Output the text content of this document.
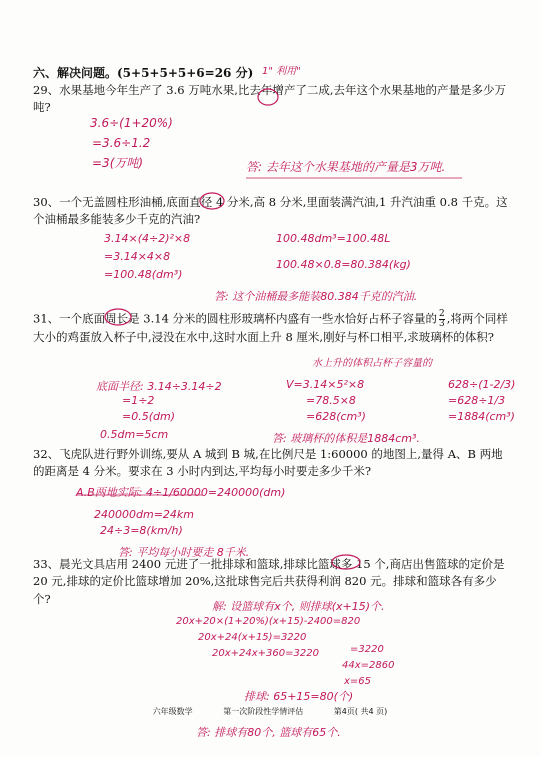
六、解决问题。(5+5+5+5+6=26 分) 1" 利用"
29、水果基地今年生产了 3.6 万吨水果,比去年增产了二成,去年这个水果基地的产量是多少万吨?
3.6÷(1+20%)
=3.6÷1.2
=3(万吨)	答: 去年这个水果基地的产量是3万吨.
30、一个无盖圆柱形油桶,底面直径 4 分米,高 8 分米,里面装满汽油,1 升汽油重 0.8 千克。这个油桶最多能装多少千克的汽油?
3.14×(4÷2)²×8
=3.14×4×8
=100.48(dm³)
100.48dm³=100.48L
100.48×0.8=80.384(kg)
答: 这个油桶最多能装80.384千克的汽油.
31、一个底面周长是 3.14 分米的圆柱形玻璃杯内盛有一些水恰好占杯子容量的 $\frac{2}{3}$ ,将两个同样大小的鸡蛋放入杯子中,浸没在水中,这时水面上升 8 厘米,刚好与杯口相平,求玻璃杯的体积?
水上升的体积占杯子容量的
底面半径: 3.14÷3.14÷2
=1÷2
=0.5(dm)
0.5dm=5cm
V=3.14×5²×8
=78.5×8
=628(cm³)
628÷(1-2/3)
=628÷1/3
=1884(cm³)
答: 玻璃杯的体积是1884cm³.
32、飞虎队进行野外训练,要从 A 城到 B 城,在比例尺是 1:60000 的地图上,量得 A、B 两地的距离是 4 分米。要求在 3 小时内到达,平均每小时要走多少千米?
A.B两地实际: 4÷1/60000=240000(dm)
240000dm=24km
24÷3=8(km/h)
答: 平均每小时要走 8千米.
33、晨光文具店用 2400 元进了一批排球和篮球,排球比篮球多 15 个,商店出售篮球的定价是 20 元,排球的定价比篮球增加 20%,这批球售完后共获得利润 820 元。排球和篮球各有多少个?
解: 设篮球有x个, 则排球(x+15)个.
20x+20×(1+20%)(x+15)-2400=820
20x+24(x+15)=3220
20x+24x+360=3220	=3220
44x=2860
x=65
排球: 65+15=80(个)
答: 排球有80个, 篮球有65个.
六年级数学	第一次阶段性学情评估	第4页( 共4 页)
